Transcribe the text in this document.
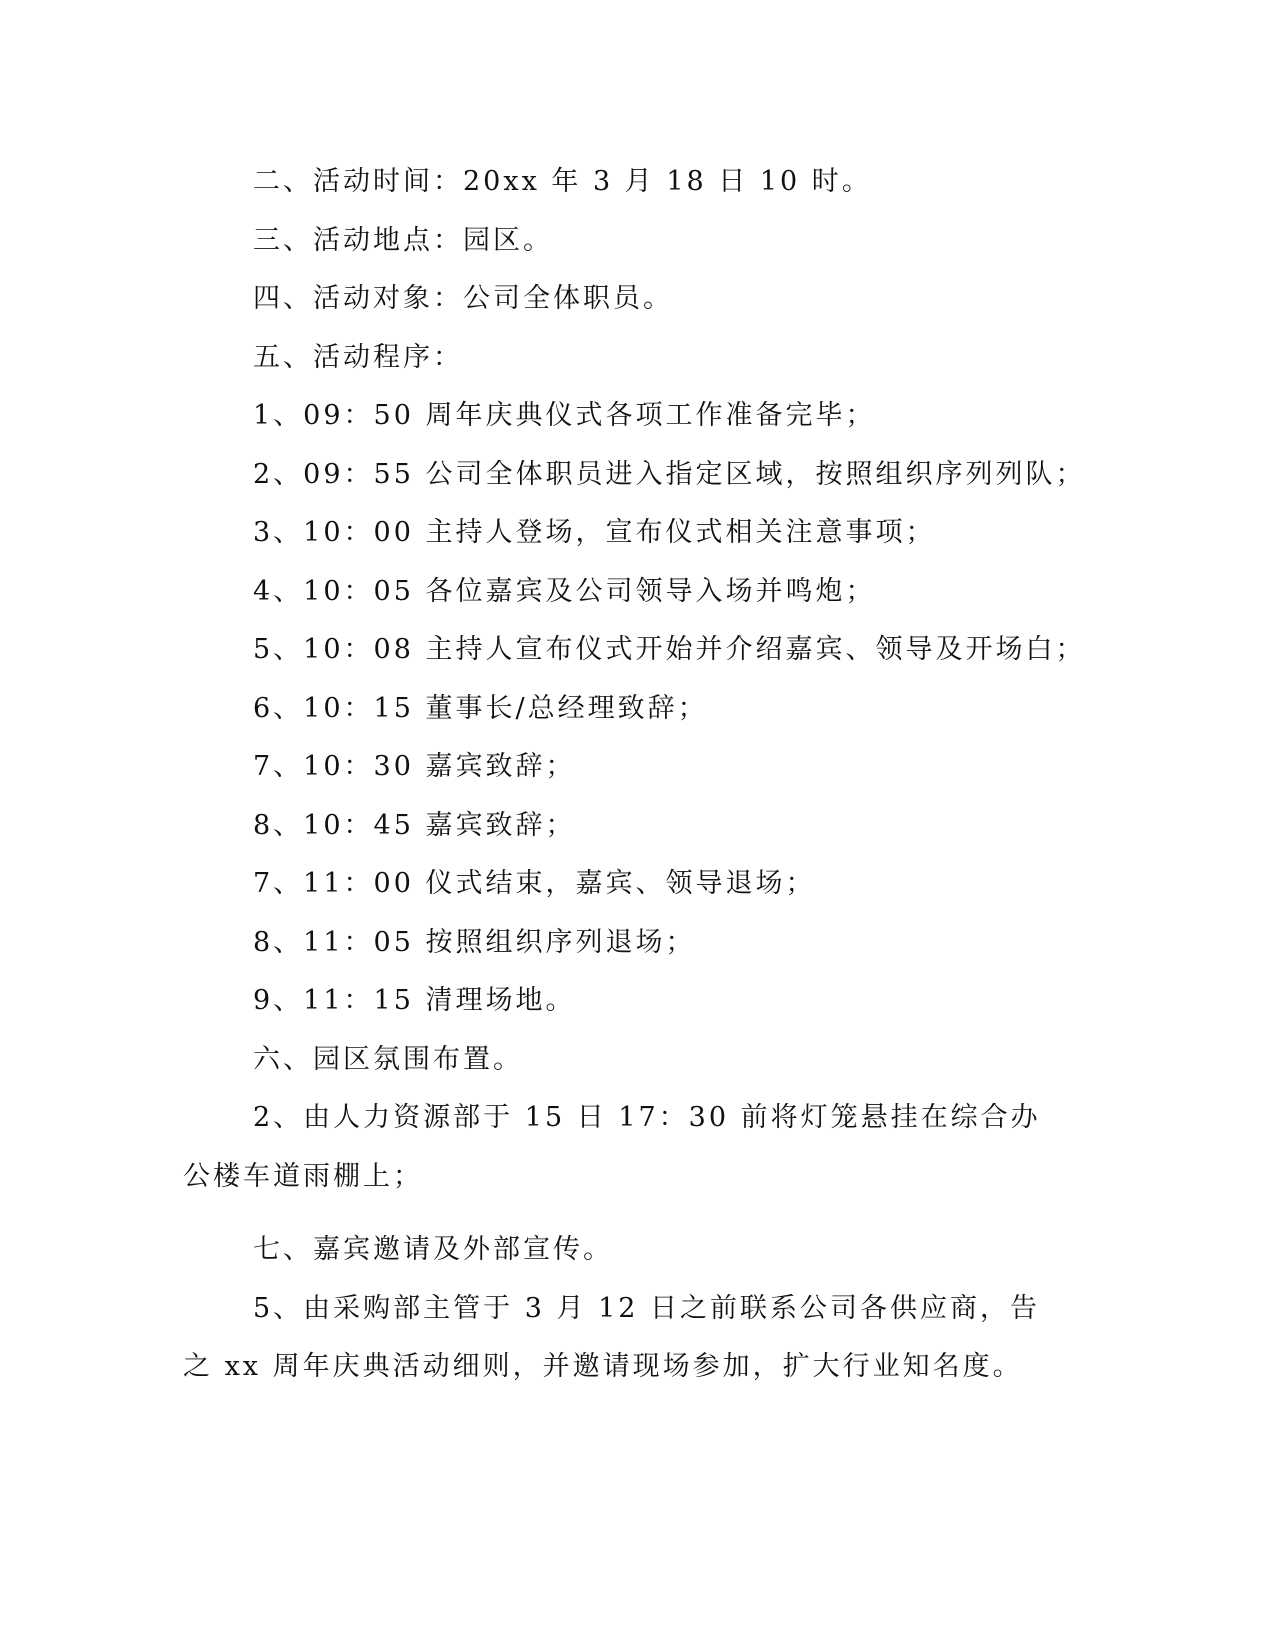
二、活动时间：20xx 年 3 月 18 日 10 时。
三、活动地点：园区。
四、活动对象：公司全体职员。
五、活动程序：
1、09：50 周年庆典仪式各项工作准备完毕；
2、09：55 公司全体职员进入指定区域，按照组织序列列队；
3、10：00 主持人登场，宣布仪式相关注意事项；
4、10：05 各位嘉宾及公司领导入场并鸣炮；
5、10：08 主持人宣布仪式开始并介绍嘉宾、领导及开场白；
6、10：15 董事长/总经理致辞；
7、10：30 嘉宾致辞；
8、10：45 嘉宾致辞；
7、11：00 仪式结束，嘉宾、领导退场；
8、11：05 按照组织序列退场；
9、11：15 清理场地。
六、园区氛围布置。

2、由人力资源部于 15 日 17：30 前将灯笼悬挂在综合办公楼车道雨棚上；

七、嘉宾邀请及外部宣传。

5、由采购部主管于 3 月 12 日之前联系公司各供应商，告之 xx 周年庆典活动细则，并邀请现场参加，扩大行业知名度。
